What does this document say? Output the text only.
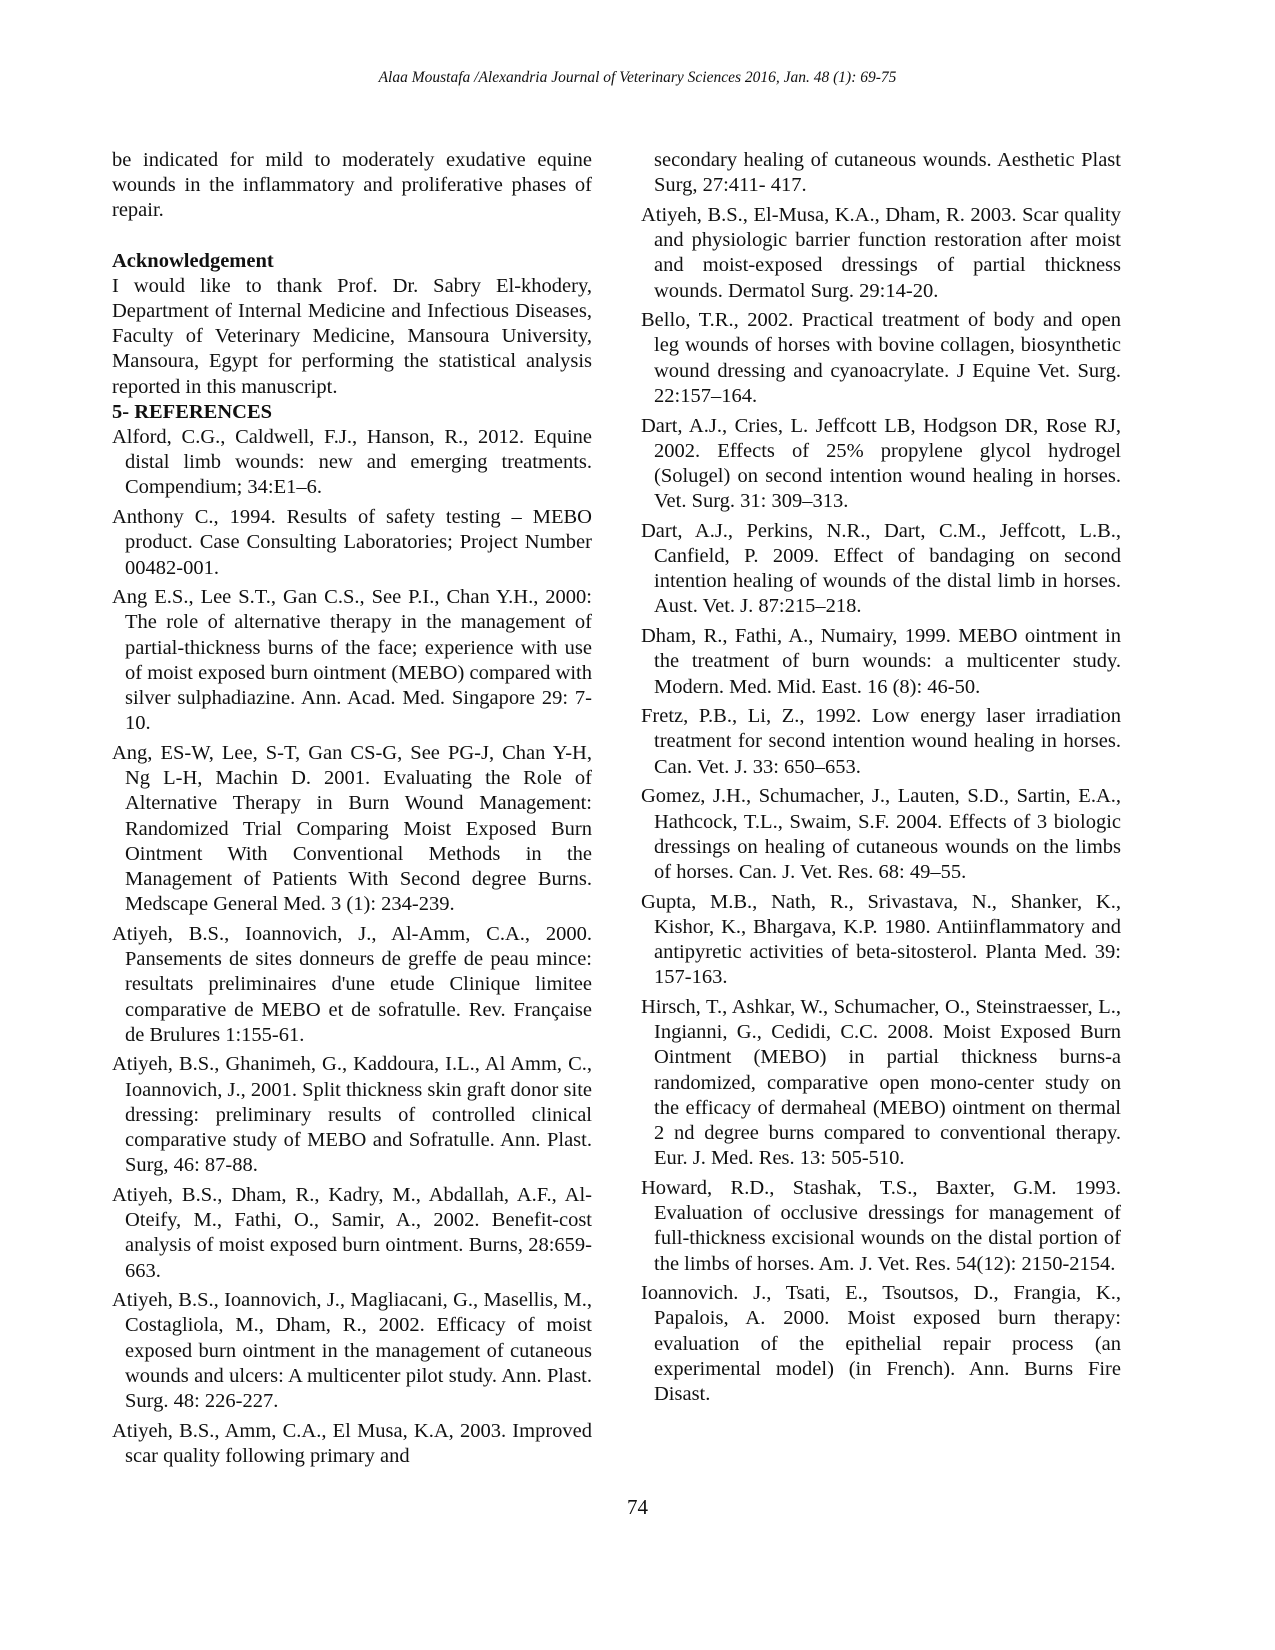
Alaa Moustafa /Alexandria Journal of Veterinary Sciences 2016, Jan. 48 (1): 69-75

be indicated for mild to moderately exudative equine wounds in the inflammatory and proliferative phases of repair.

Acknowledgement

I would like to thank Prof. Dr. Sabry El-khodery, Department of Internal Medicine and Infectious Diseases, Faculty of Veterinary Medicine, Mansoura University, Mansoura, Egypt for performing the statistical analysis reported in this manuscript.

5- REFERENCES

Alford, C.G., Caldwell, F.J., Hanson, R., 2012. Equine distal limb wounds: new and emerging treatments. Compendium; 34:E1–6.

Anthony C., 1994. Results of safety testing – MEBO product. Case Consulting Laboratories; Project Number 00482-001.

Ang E.S., Lee S.T., Gan C.S., See P.I., Chan Y.H., 2000: The role of alternative therapy in the management of partial-thickness burns of the face; experience with use of moist exposed burn ointment (MEBO) compared with silver sulphadiazine. Ann. Acad. Med. Singapore 29: 7-10.

Ang, ES-W, Lee, S-T, Gan CS-G, See PG-J, Chan Y-H, Ng L-H, Machin D. 2001. Evaluating the Role of Alternative Therapy in Burn Wound Management: Randomized Trial Comparing Moist Exposed Burn Ointment With Conventional Methods in the Management of Patients With Second degree Burns. Medscape General Med. 3 (1): 234-239.

Atiyeh, B.S., Ioannovich, J., Al-Amm, C.A., 2000. Pansements de sites donneurs de greffe de peau mince: resultats preliminaires d'une etude Clinique limitee comparative de MEBO et de sofratulle. Rev. Française de Brulures 1:155-61.

Atiyeh, B.S., Ghanimeh, G., Kaddoura, I.L., Al Amm, C., Ioannovich, J., 2001. Split thickness skin graft donor site dressing: preliminary results of controlled clinical comparative study of MEBO and Sofratulle. Ann. Plast. Surg, 46: 87-88.

Atiyeh, B.S., Dham, R., Kadry, M., Abdallah, A.F., Al-Oteify, M., Fathi, O., Samir, A., 2002. Benefit-cost analysis of moist exposed burn ointment. Burns, 28:659-663.

Atiyeh, B.S., Ioannovich, J., Magliacani, G., Masellis, M., Costagliola, M., Dham, R., 2002. Efficacy of moist exposed burn ointment in the management of cutaneous wounds and ulcers: A multicenter pilot study. Ann. Plast. Surg. 48: 226-227.

Atiyeh, B.S., Amm, C.A., El Musa, K.A, 2003. Improved scar quality following primary and

secondary healing of cutaneous wounds. Aesthetic Plast Surg, 27:411- 417.

Atiyeh, B.S., El-Musa, K.A., Dham, R. 2003. Scar quality and physiologic barrier function restoration after moist and moist-exposed dressings of partial thickness wounds. Dermatol Surg. 29:14-20.

Bello, T.R., 2002. Practical treatment of body and open leg wounds of horses with bovine collagen, biosynthetic wound dressing and cyanoacrylate. J Equine Vet. Surg. 22:157–164.

Dart, A.J., Cries, L. Jeffcott LB, Hodgson DR, Rose RJ, 2002. Effects of 25% propylene glycol hydrogel (Solugel) on second intention wound healing in horses. Vet. Surg. 31: 309–313.

Dart, A.J., Perkins, N.R., Dart, C.M., Jeffcott, L.B., Canfield, P. 2009. Effect of bandaging on second intention healing of wounds of the distal limb in horses. Aust. Vet. J. 87:215–218.

Dham, R., Fathi, A., Numairy, 1999. MEBO ointment in the treatment of burn wounds: a multicenter study. Modern. Med. Mid. East. 16 (8): 46-50.

Fretz, P.B., Li, Z., 1992. Low energy laser irradiation treatment for second intention wound healing in horses. Can. Vet. J. 33: 650–653.

Gomez, J.H., Schumacher, J., Lauten, S.D., Sartin, E.A., Hathcock, T.L., Swaim, S.F. 2004. Effects of 3 biologic dressings on healing of cutaneous wounds on the limbs of horses. Can. J. Vet. Res. 68: 49–55.

Gupta, M.B., Nath, R., Srivastava, N., Shanker, K., Kishor, K., Bhargava, K.P. 1980. Antiinflammatory and antipyretic activities of beta-sitosterol. Planta Med. 39: 157-163.

Hirsch, T., Ashkar, W., Schumacher, O., Steinstraesser, L., Ingianni, G., Cedidi, C.C. 2008. Moist Exposed Burn Ointment (MEBO) in partial thickness burns-a randomized, comparative open mono-center study on the efficacy of dermaheal (MEBO) ointment on thermal 2 nd degree burns compared to conventional therapy. Eur. J. Med. Res. 13: 505-510.

Howard, R.D., Stashak, T.S., Baxter, G.M. 1993. Evaluation of occlusive dressings for management of full-thickness excisional wounds on the distal portion of the limbs of horses. Am. J. Vet. Res. 54(12): 2150-2154.

Ioannovich. J., Tsati, E., Tsoutsos, D., Frangia, K., Papalois, A. 2000. Moist exposed burn therapy: evaluation of the epithelial repair process (an experimental model) (in French). Ann. Burns Fire Disast.

74
